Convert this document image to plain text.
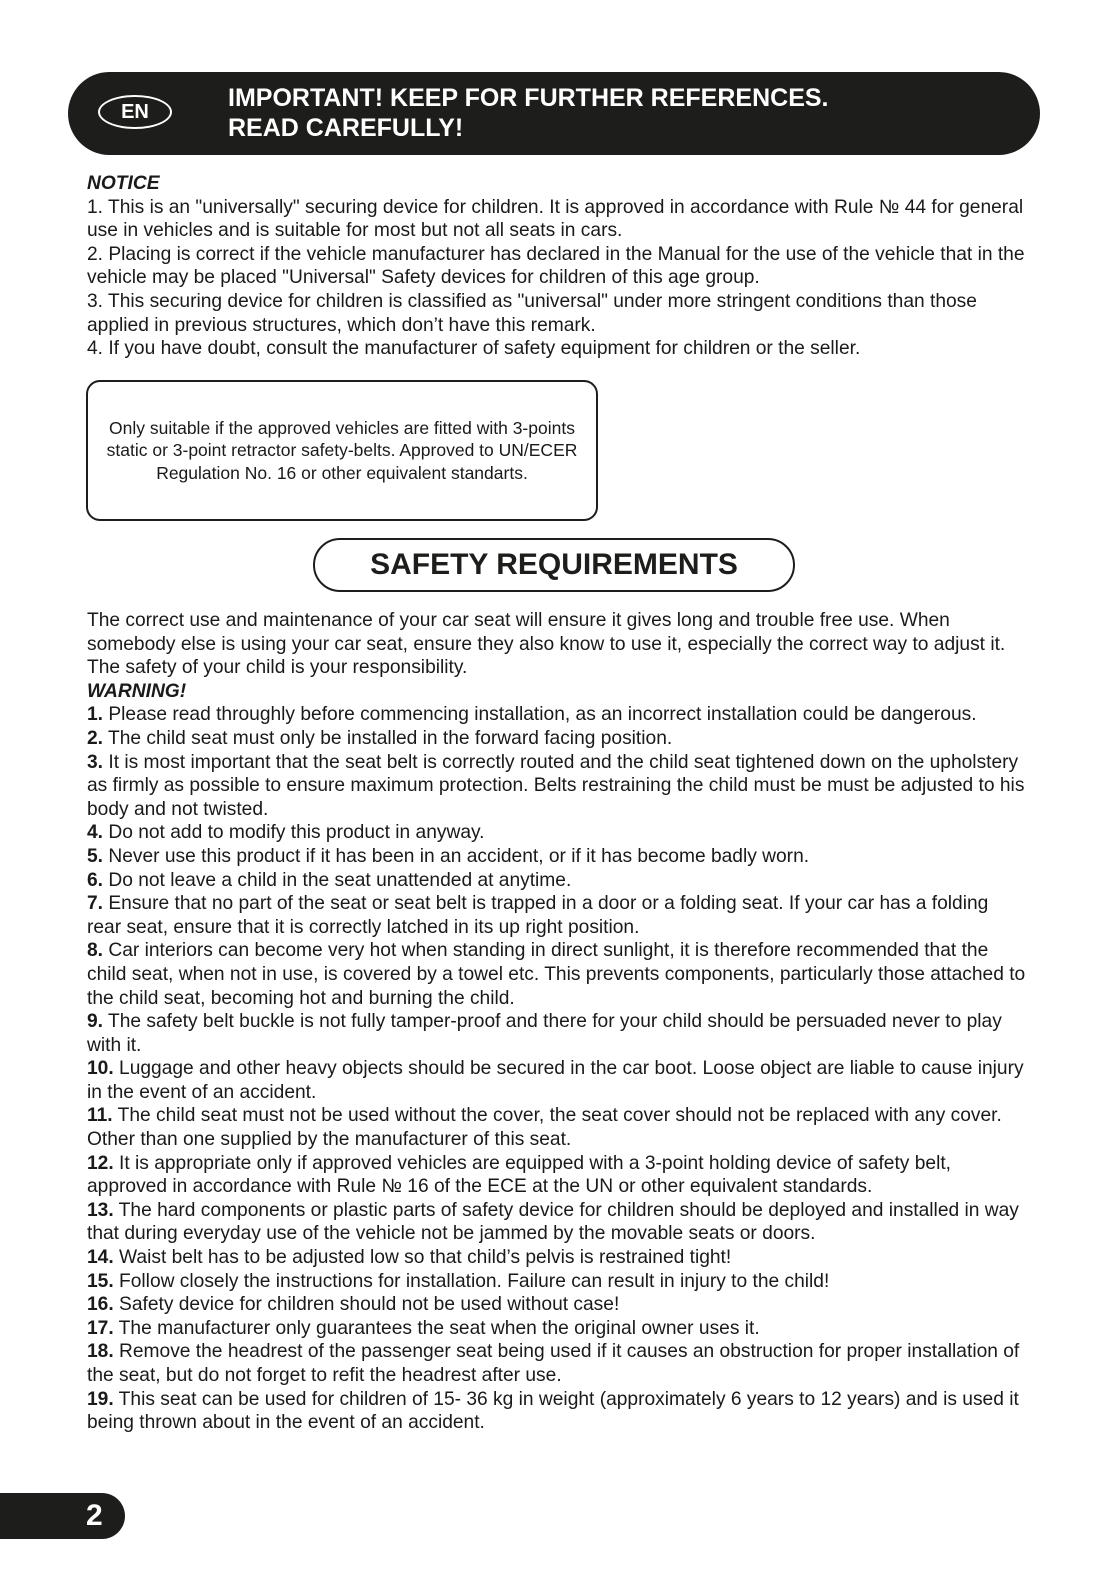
EN	IMPORTANT! KEEP FOR FURTHER REFERENCES.
READ CAREFULLY!
NOTICE

1. This is an "universally" securing device for children. It is approved in accordance with Rule № 44 for general use in vehicles and is suitable for most but not all seats in cars.

2. Placing is correct if the vehicle manufacturer has declared in the Manual for the use of the vehicle that in the vehicle may be placed "Universal" Safety devices for children of this age group.

3. This securing device for children is classified as "universal" under more stringent conditions than those applied in previous structures, which don’t have this remark.

4. If you have doubt, consult the manufacturer of safety equipment for children or the seller.

Only suitable if the approved vehicles are fitted with 3-points static or 3-point retractor safety-belts. Approved to UN/ECER Regulation No. 16 or other equivalent standarts.
SAFETY REQUIREMENTS

The correct use and maintenance of your car seat will ensure it gives long and trouble free use. When somebody else is using your car seat, ensure they also know to use it, especially the correct way to adjust it. The safety of your child is your responsibility.

WARNING!

1. Please read throughly before commencing installation, as an incorrect installation could be dangerous.

2. The child seat must only be installed in the forward facing position.

3. It is most important that the seat belt is correctly routed and the child seat tightened down on the upholstery as firmly as possible to ensure maximum protection. Belts restraining the child must be must be adjusted to his body and not twisted.

4. Do not add to modify this product in anyway.

5. Never use this product if it has been in an accident, or if it has become badly worn.

6. Do not leave a child in the seat unattended at anytime.

7. Ensure that no part of the seat or seat belt is trapped in a door or a folding seat. If your car has a folding rear seat, ensure that it is correctly latched in its up right position.

8. Car interiors can become very hot when standing in direct sunlight, it is therefore recommended that the child seat, when not in use, is covered by a towel etc. This prevents components, particularly those attached to the child seat, becoming hot and burning the child.

9. The safety belt buckle is not fully tamper-proof and there for your child should be persuaded never to play with it.

10. Luggage and other heavy objects should be secured in the car boot. Loose object are liable to cause injury in the event of an accident.

11. The child seat must not be used without the cover, the seat cover should not be replaced with any cover. Other than one supplied by the manufacturer of this seat.

12. It is appropriate only if approved vehicles are equipped with a 3-point holding device of safety belt, approved in accordance with Rule № 16 of the ECE at the UN or other equivalent standards.

13. The hard components or plastic parts of safety device for children should be deployed and installed in way that during everyday use of the vehicle not be jammed by the movable seats or doors.

14. Waist belt has to be adjusted low so that child’s pelvis is restrained tight!

15. Follow closely the instructions for installation. Failure can result in injury to the child!

16. Safety device for children should not be used without case!

17. The manufacturer only guarantees the seat when the original owner uses it.

18. Remove the headrest of the passenger seat being used if it causes an obstruction for proper installation of the seat, but do not forget to refit the headrest after use.

19. This seat can be used for children of 15- 36 kg in weight (approximately 6 years to 12 years) and is used it being thrown about in the event of an accident.

2
